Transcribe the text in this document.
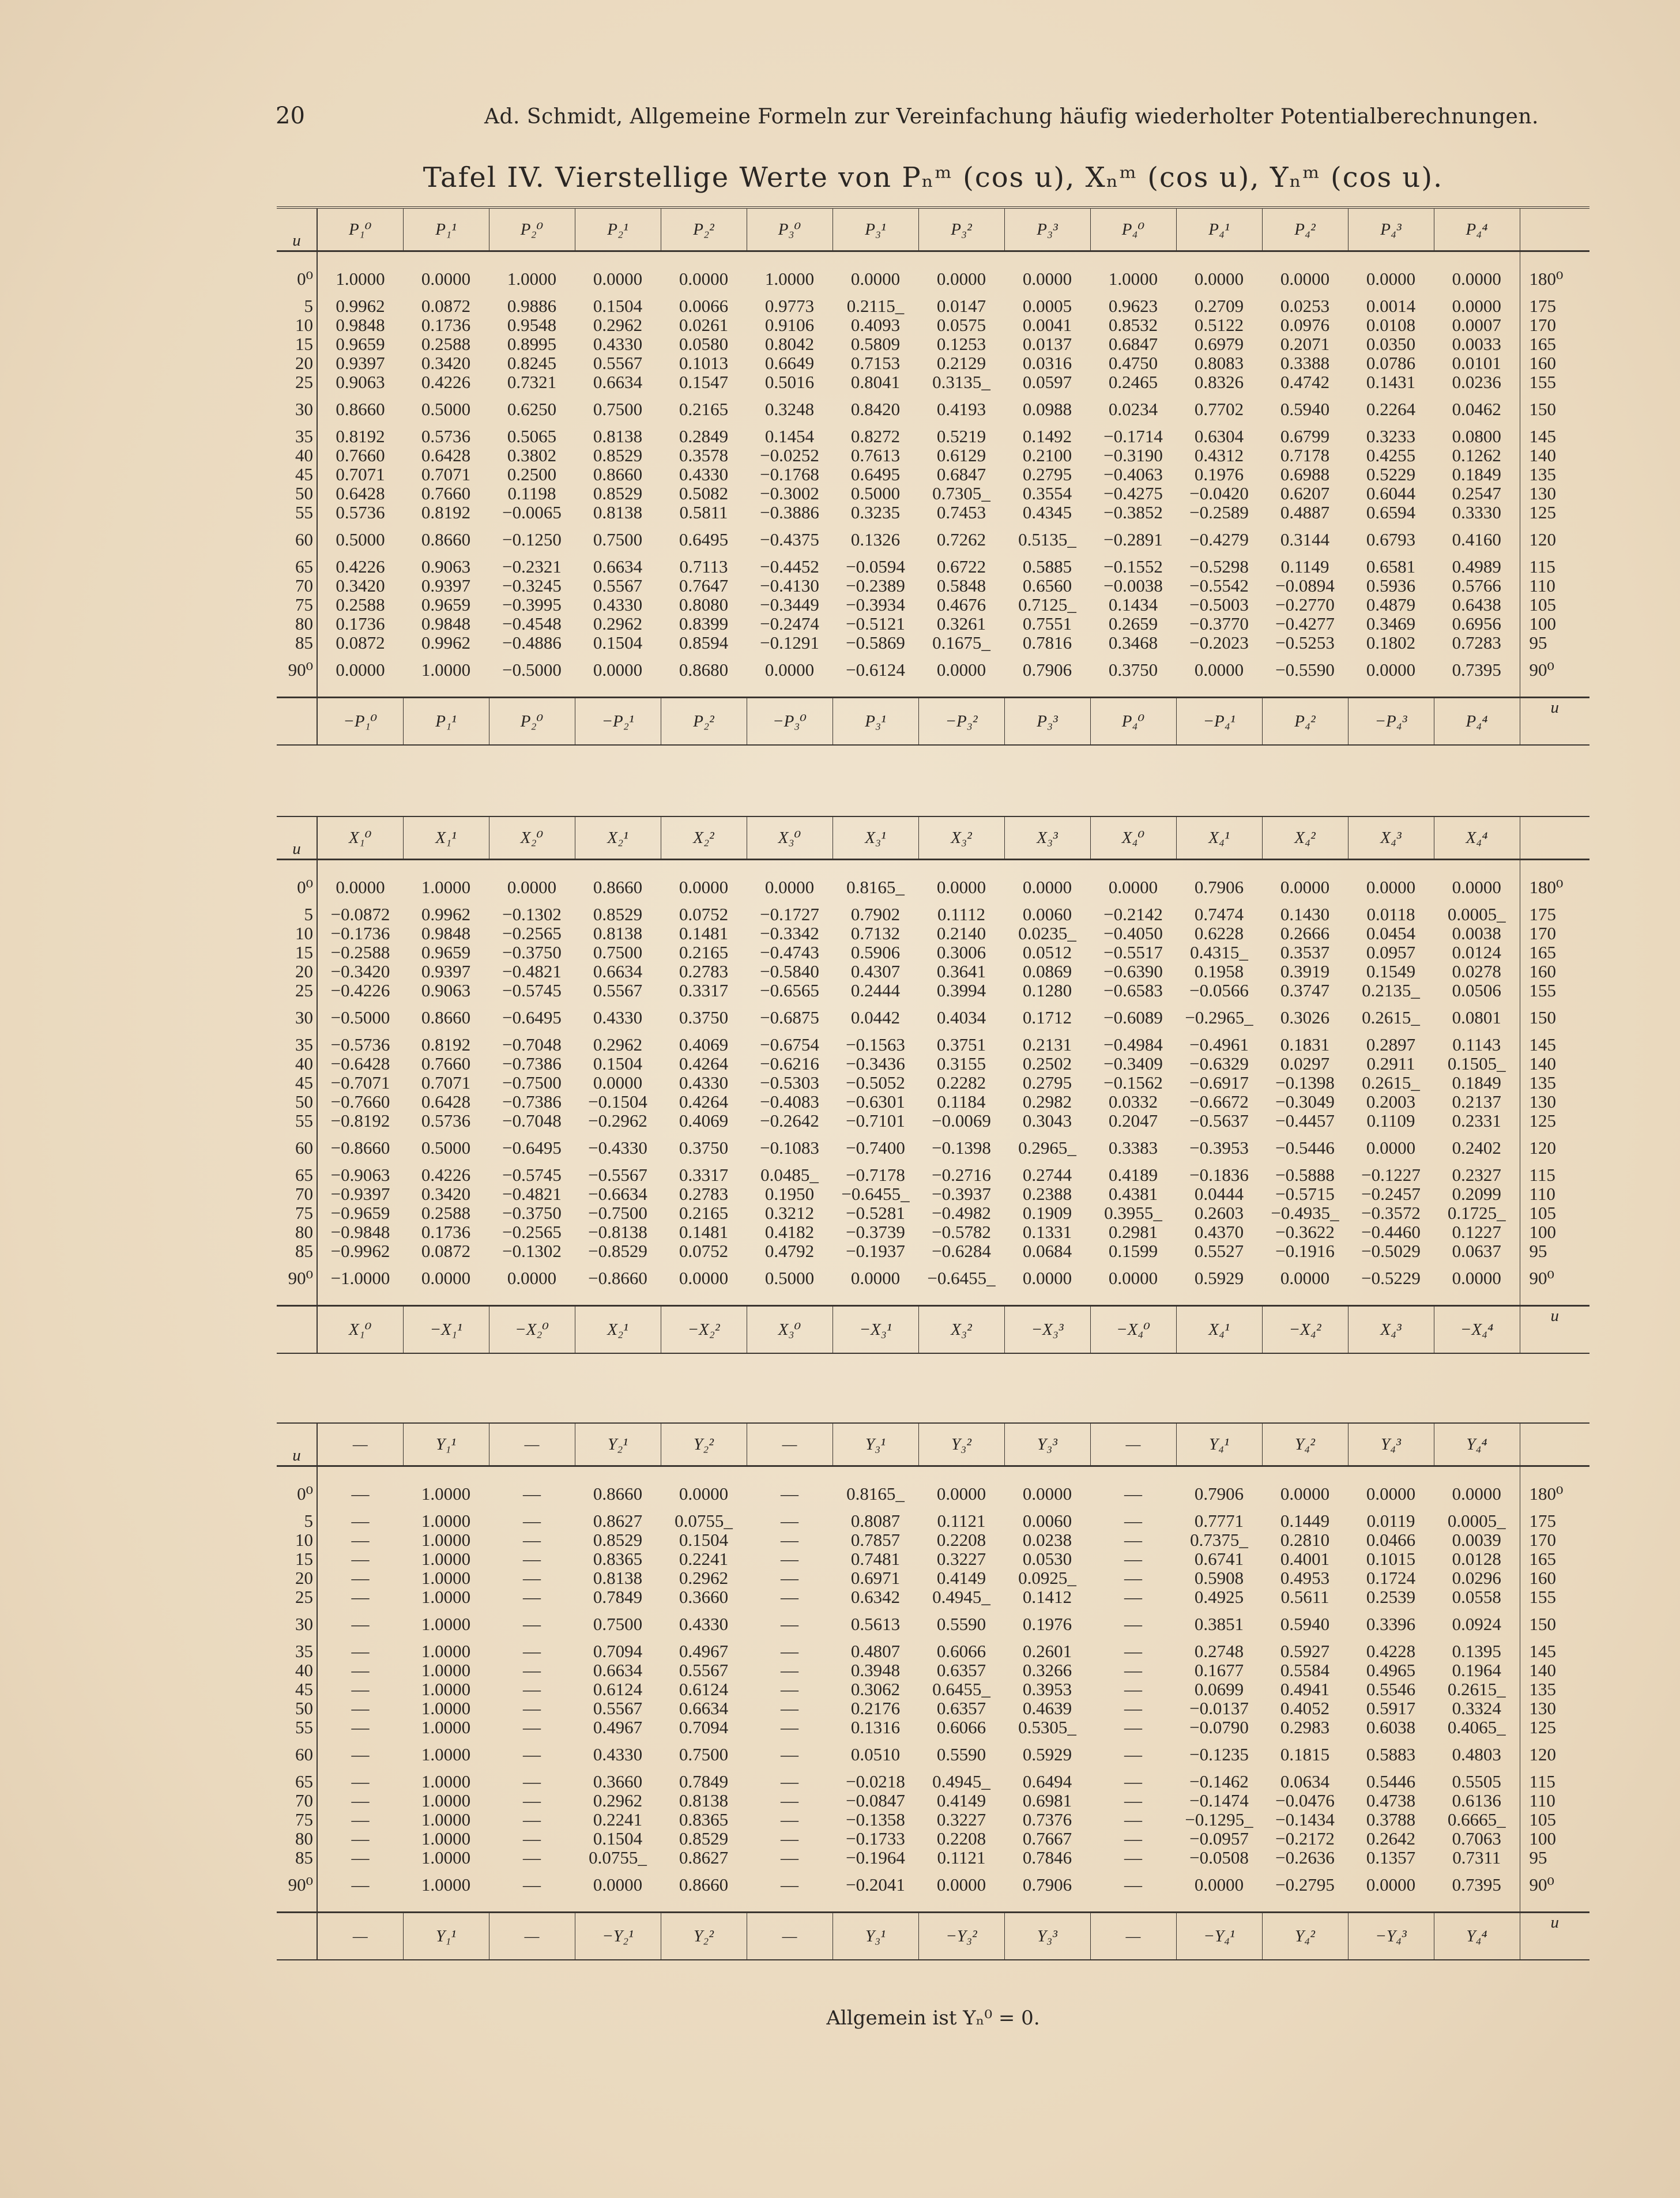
20	Ad. Schmidt, Allgemeine Formeln zur Vereinfachung häufig wiederholter Potentialberechnungen.
Tafel IV. Vierstellige Werte von Pₙᵐ (cos u), Xₙᵐ (cos u), Yₙᵐ (cos u).
u	P₁⁰	P₁¹	P₂⁰	P₂¹	P₂²	P₃⁰	P₃¹	P₃²	P₃³	P₄⁰	P₄¹	P₄²	P₄³	P₄⁴	

0⁰	1.0000	0.0000	1.0000	0.0000	0.0000	1.0000	0.0000	0.0000	0.0000	1.0000	0.0000	0.0000	0.0000	0.0000	180⁰

5	0.9962	0.0872	0.9886	0.1504	0.0066	0.9773	0.2115_	0.0147	0.0005	0.9623	0.2709	0.0253	0.0014	0.0000	175
10	0.9848	0.1736	0.9548	0.2962	0.0261	0.9106	0.4093	0.0575	0.0041	0.8532	0.5122	0.0976	0.0108	0.0007	170
15	0.9659	0.2588	0.8995	0.4330	0.0580	0.8042	0.5809	0.1253	0.0137	0.6847	0.6979	0.2071	0.0350	0.0033	165
20	0.9397	0.3420	0.8245	0.5567	0.1013	0.6649	0.7153	0.2129	0.0316	0.4750	0.8083	0.3388	0.0786	0.0101	160
25	0.9063	0.4226	0.7321	0.6634	0.1547	0.5016	0.8041	0.3135_	0.0597	0.2465	0.8326	0.4742	0.1431	0.0236	155

30	0.8660	0.5000	0.6250	0.7500	0.2165	0.3248	0.8420	0.4193	0.0988	0.0234	0.7702	0.5940	0.2264	0.0462	150

35	0.8192	0.5736	0.5065	0.8138	0.2849	0.1454	0.8272	0.5219	0.1492	−0.1714	0.6304	0.6799	0.3233	0.0800	145
40	0.7660	0.6428	0.3802	0.8529	0.3578	−0.0252	0.7613	0.6129	0.2100	−0.3190	0.4312	0.7178	0.4255	0.1262	140
45	0.7071	0.7071	0.2500	0.8660	0.4330	−0.1768	0.6495	0.6847	0.2795	−0.4063	0.1976	0.6988	0.5229	0.1849	135
50	0.6428	0.7660	0.1198	0.8529	0.5082	−0.3002	0.5000	0.7305_	0.3554	−0.4275	−0.0420	0.6207	0.6044	0.2547	130
55	0.5736	0.8192	−0.0065	0.8138	0.5811	−0.3886	0.3235	0.7453	0.4345	−0.3852	−0.2589	0.4887	0.6594	0.3330	125

60	0.5000	0.8660	−0.1250	0.7500	0.6495	−0.4375	0.1326	0.7262	0.5135_	−0.2891	−0.4279	0.3144	0.6793	0.4160	120

65	0.4226	0.9063	−0.2321	0.6634	0.7113	−0.4452	−0.0594	0.6722	0.5885	−0.1552	−0.5298	0.1149	0.6581	0.4989	115
70	0.3420	0.9397	−0.3245	0.5567	0.7647	−0.4130	−0.2389	0.5848	0.6560	−0.0038	−0.5542	−0.0894	0.5936	0.5766	110
75	0.2588	0.9659	−0.3995	0.4330	0.8080	−0.3449	−0.3934	0.4676	0.7125_	0.1434	−0.5003	−0.2770	0.4879	0.6438	105
80	0.1736	0.9848	−0.4548	0.2962	0.8399	−0.2474	−0.5121	0.3261	0.7551	0.2659	−0.3770	−0.4277	0.3469	0.6956	100
85	0.0872	0.9962	−0.4886	0.1504	0.8594	−0.1291	−0.5869	0.1675_	0.7816	0.3468	−0.2023	−0.5253	0.1802	0.7283	95

90⁰	0.0000	1.0000	−0.5000	0.0000	0.8680	0.0000	−0.6124	0.0000	0.7906	0.3750	0.0000	−0.5590	0.0000	0.7395	90⁰

	−P₁⁰	P₁¹	P₂⁰	−P₂¹	P₂²	−P₃⁰	P₃¹	−P₃²	P₃³	P₄⁰	−P₄¹	P₄²	−P₄³	P₄⁴	u
u	X₁⁰	X₁¹	X₂⁰	X₂¹	X₂²	X₃⁰	X₃¹	X₃²	X₃³	X₄⁰	X₄¹	X₄²	X₄³	X₄⁴	

0⁰	0.0000	1.0000	0.0000	0.8660	0.0000	0.0000	0.8165_	0.0000	0.0000	0.0000	0.7906	0.0000	0.0000	0.0000	180⁰

5	−0.0872	0.9962	−0.1302	0.8529	0.0752	−0.1727	0.7902	0.1112	0.0060	−0.2142	0.7474	0.1430	0.0118	0.0005_	175
10	−0.1736	0.9848	−0.2565	0.8138	0.1481	−0.3342	0.7132	0.2140	0.0235_	−0.4050	0.6228	0.2666	0.0454	0.0038	170
15	−0.2588	0.9659	−0.3750	0.7500	0.2165	−0.4743	0.5906	0.3006	0.0512	−0.5517	0.4315_	0.3537	0.0957	0.0124	165
20	−0.3420	0.9397	−0.4821	0.6634	0.2783	−0.5840	0.4307	0.3641	0.0869	−0.6390	0.1958	0.3919	0.1549	0.0278	160
25	−0.4226	0.9063	−0.5745	0.5567	0.3317	−0.6565	0.2444	0.3994	0.1280	−0.6583	−0.0566	0.3747	0.2135_	0.0506	155

30	−0.5000	0.8660	−0.6495	0.4330	0.3750	−0.6875	0.0442	0.4034	0.1712	−0.6089	−0.2965_	0.3026	0.2615_	0.0801	150

35	−0.5736	0.8192	−0.7048	0.2962	0.4069	−0.6754	−0.1563	0.3751	0.2131	−0.4984	−0.4961	0.1831	0.2897	0.1143	145
40	−0.6428	0.7660	−0.7386	0.1504	0.4264	−0.6216	−0.3436	0.3155	0.2502	−0.3409	−0.6329	0.0297	0.2911	0.1505_	140
45	−0.7071	0.7071	−0.7500	0.0000	0.4330	−0.5303	−0.5052	0.2282	0.2795	−0.1562	−0.6917	−0.1398	0.2615_	0.1849	135
50	−0.7660	0.6428	−0.7386	−0.1504	0.4264	−0.4083	−0.6301	0.1184	0.2982	0.0332	−0.6672	−0.3049	0.2003	0.2137	130
55	−0.8192	0.5736	−0.7048	−0.2962	0.4069	−0.2642	−0.7101	−0.0069	0.3043	0.2047	−0.5637	−0.4457	0.1109	0.2331	125

60	−0.8660	0.5000	−0.6495	−0.4330	0.3750	−0.1083	−0.7400	−0.1398	0.2965_	0.3383	−0.3953	−0.5446	0.0000	0.2402	120

65	−0.9063	0.4226	−0.5745	−0.5567	0.3317	0.0485_	−0.7178	−0.2716	0.2744	0.4189	−0.1836	−0.5888	−0.1227	0.2327	115
70	−0.9397	0.3420	−0.4821	−0.6634	0.2783	0.1950	−0.6455_	−0.3937	0.2388	0.4381	0.0444	−0.5715	−0.2457	0.2099	110
75	−0.9659	0.2588	−0.3750	−0.7500	0.2165	0.3212	−0.5281	−0.4982	0.1909	0.3955_	0.2603	−0.4935_	−0.3572	0.1725_	105
80	−0.9848	0.1736	−0.2565	−0.8138	0.1481	0.4182	−0.3739	−0.5782	0.1331	0.2981	0.4370	−0.3622	−0.4460	0.1227	100
85	−0.9962	0.0872	−0.1302	−0.8529	0.0752	0.4792	−0.1937	−0.6284	0.0684	0.1599	0.5527	−0.1916	−0.5029	0.0637	95

90⁰	−1.0000	0.0000	0.0000	−0.8660	0.0000	0.5000	0.0000	−0.6455_	0.0000	0.0000	0.5929	0.0000	−0.5229	0.0000	90⁰

	X₁⁰	−X₁¹	−X₂⁰	X₂¹	−X₂²	X₃⁰	−X₃¹	X₃²	−X₃³	−X₄⁰	X₄¹	−X₄²	X₄³	−X₄⁴	u
u	—	Y₁¹	—	Y₂¹	Y₂²	—	Y₃¹	Y₃²	Y₃³	—	Y₄¹	Y₄²	Y₄³	Y₄⁴	

0⁰	—	1.0000	—	0.8660	0.0000	—	0.8165_	0.0000	0.0000	—	0.7906	0.0000	0.0000	0.0000	180⁰

5	—	1.0000	—	0.8627	0.0755_	—	0.8087	0.1121	0.0060	—	0.7771	0.1449	0.0119	0.0005_	175
10	—	1.0000	—	0.8529	0.1504	—	0.7857	0.2208	0.0238	—	0.7375_	0.2810	0.0466	0.0039	170
15	—	1.0000	—	0.8365	0.2241	—	0.7481	0.3227	0.0530	—	0.6741	0.4001	0.1015	0.0128	165
20	—	1.0000	—	0.8138	0.2962	—	0.6971	0.4149	0.0925_	—	0.5908	0.4953	0.1724	0.0296	160
25	—	1.0000	—	0.7849	0.3660	—	0.6342	0.4945_	0.1412	—	0.4925	0.5611	0.2539	0.0558	155

30	—	1.0000	—	0.7500	0.4330	—	0.5613	0.5590	0.1976	—	0.3851	0.5940	0.3396	0.0924	150

35	—	1.0000	—	0.7094	0.4967	—	0.4807	0.6066	0.2601	—	0.2748	0.5927	0.4228	0.1395	145
40	—	1.0000	—	0.6634	0.5567	—	0.3948	0.6357	0.3266	—	0.1677	0.5584	0.4965	0.1964	140
45	—	1.0000	—	0.6124	0.6124	—	0.3062	0.6455_	0.3953	—	0.0699	0.4941	0.5546	0.2615_	135
50	—	1.0000	—	0.5567	0.6634	—	0.2176	0.6357	0.4639	—	−0.0137	0.4052	0.5917	0.3324	130
55	—	1.0000	—	0.4967	0.7094	—	0.1316	0.6066	0.5305_	—	−0.0790	0.2983	0.6038	0.4065_	125

60	—	1.0000	—	0.4330	0.7500	—	0.0510	0.5590	0.5929	—	−0.1235	0.1815	0.5883	0.4803	120

65	—	1.0000	—	0.3660	0.7849	—	−0.0218	0.4945_	0.6494	—	−0.1462	0.0634	0.5446	0.5505	115
70	—	1.0000	—	0.2962	0.8138	—	−0.0847	0.4149	0.6981	—	−0.1474	−0.0476	0.4738	0.6136	110
75	—	1.0000	—	0.2241	0.8365	—	−0.1358	0.3227	0.7376	—	−0.1295_	−0.1434	0.3788	0.6665_	105
80	—	1.0000	—	0.1504	0.8529	—	−0.1733	0.2208	0.7667	—	−0.0957	−0.2172	0.2642	0.7063	100
85	—	1.0000	—	0.0755_	0.8627	—	−0.1964	0.1121	0.7846	—	−0.0508	−0.2636	0.1357	0.7311	95

90⁰	—	1.0000	—	0.0000	0.8660	—	−0.2041	0.0000	0.7906	—	0.0000	−0.2795	0.0000	0.7395	90⁰

	—	Y₁¹	—	−Y₂¹	Y₂²	—	Y₃¹	−Y₃²	Y₃³	—	−Y₄¹	Y₄²	−Y₄³	Y₄⁴	u
Allgemein ist Yₙ⁰ = 0.
